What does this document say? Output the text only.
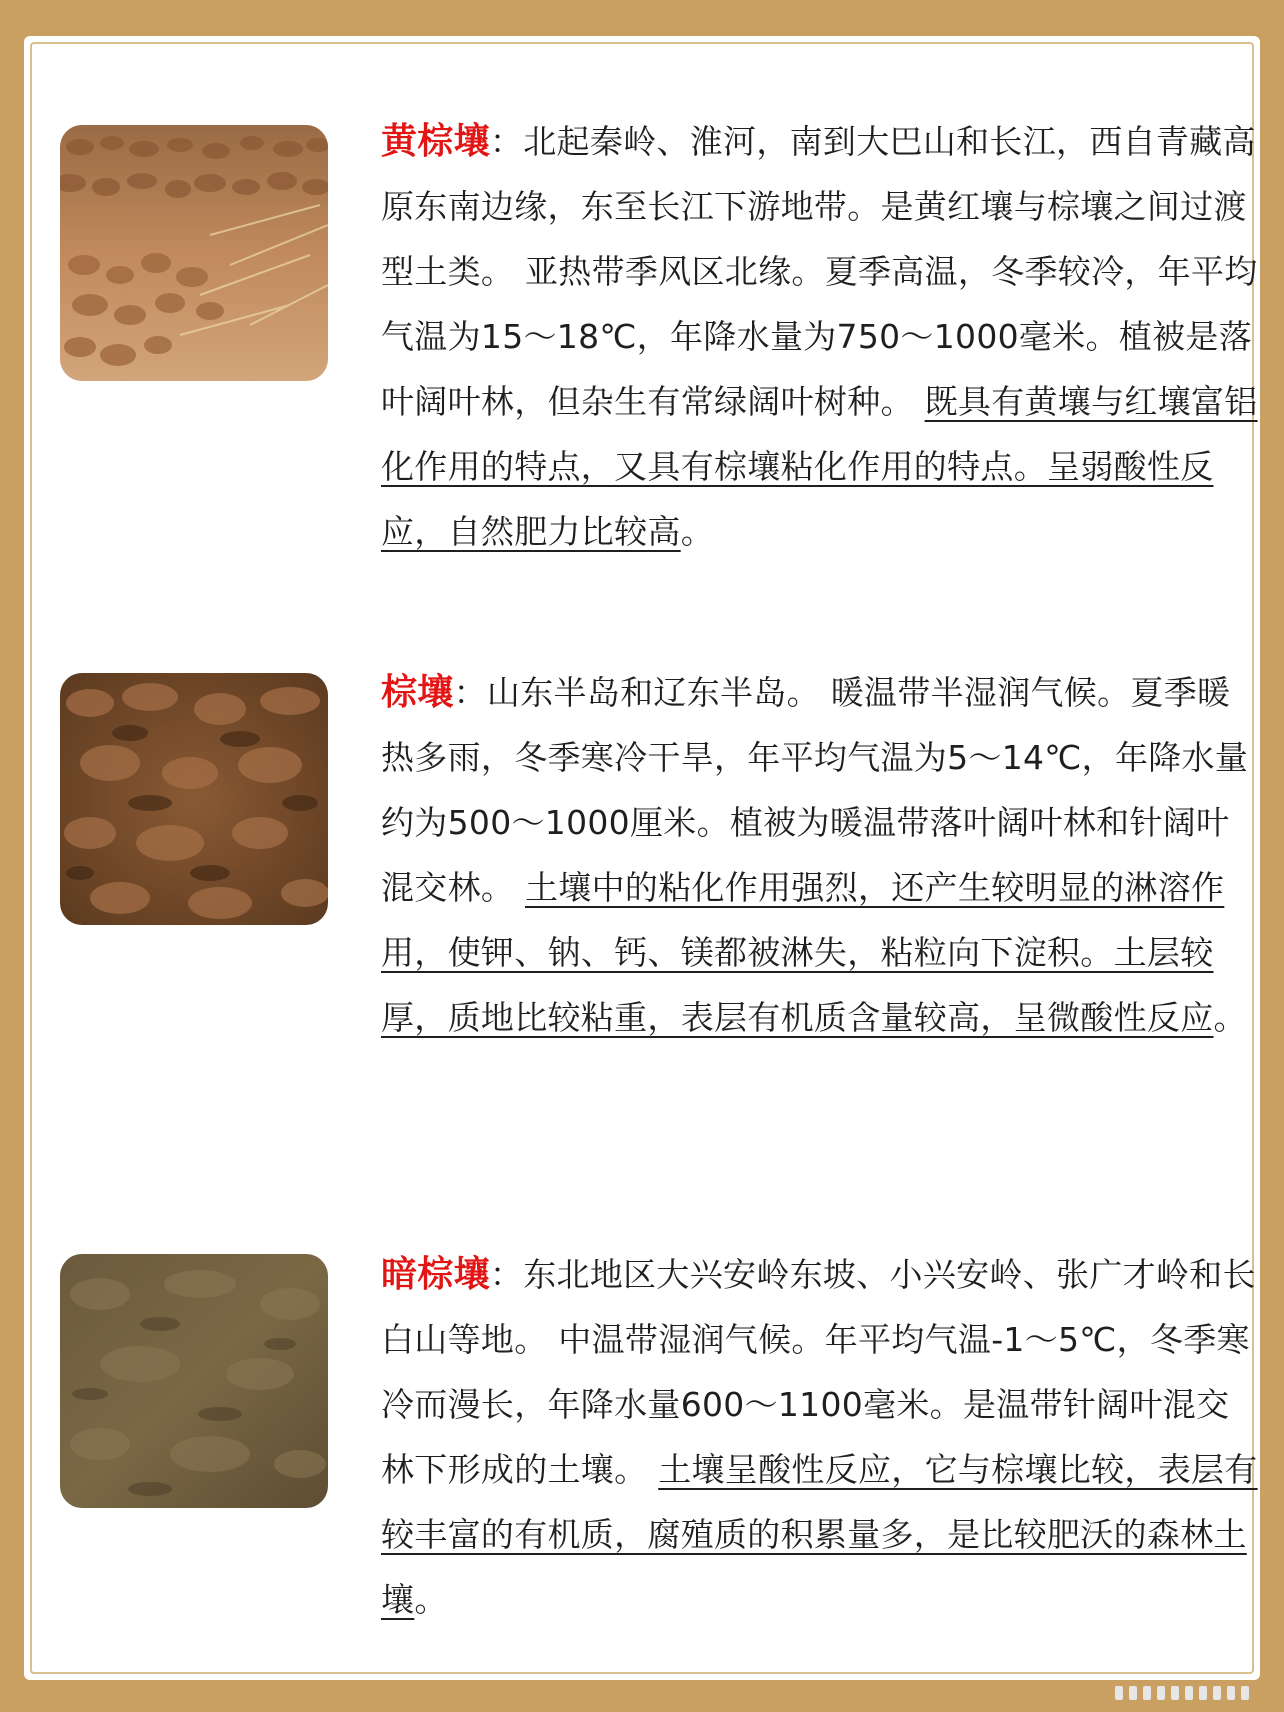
黄棕壤：北起秦岭、淮河，南到大巴山和长江，西自青藏高原东南边缘，东至长江下游地带。是黄红壤与棕壤之间过渡型土类。 亚热带季风区北缘。夏季高温，冬季较冷，年平均气温为15～18℃，年降水量为750～1000毫米。植被是落叶阔叶林，但杂生有常绿阔叶树种。 既具有黄壤与红壤富铝化作用的特点，又具有棕壤粘化作用的特点。呈弱酸性反应，自然肥力比较高。

棕壤：山东半岛和辽东半岛。 暖温带半湿润气候。夏季暖热多雨，冬季寒冷干旱，年平均气温为5～14℃，年降水量约为500～1000厘米。植被为暖温带落叶阔叶林和针阔叶混交林。 土壤中的粘化作用强烈，还产生较明显的淋溶作用，使钾、钠、钙、镁都被淋失，粘粒向下淀积。土层较厚，质地比较粘重，表层有机质含量较高，呈微酸性反应。

暗棕壤：东北地区大兴安岭东坡、小兴安岭、张广才岭和长白山等地。 中温带湿润气候。年平均气温-1～5℃，冬季寒冷而漫长，年降水量600～1100毫米。是温带针阔叶混交林下形成的土壤。 土壤呈酸性反应，它与棕壤比较，表层有较丰富的有机质，腐殖质的积累量多，是比较肥沃的森林土壤。
